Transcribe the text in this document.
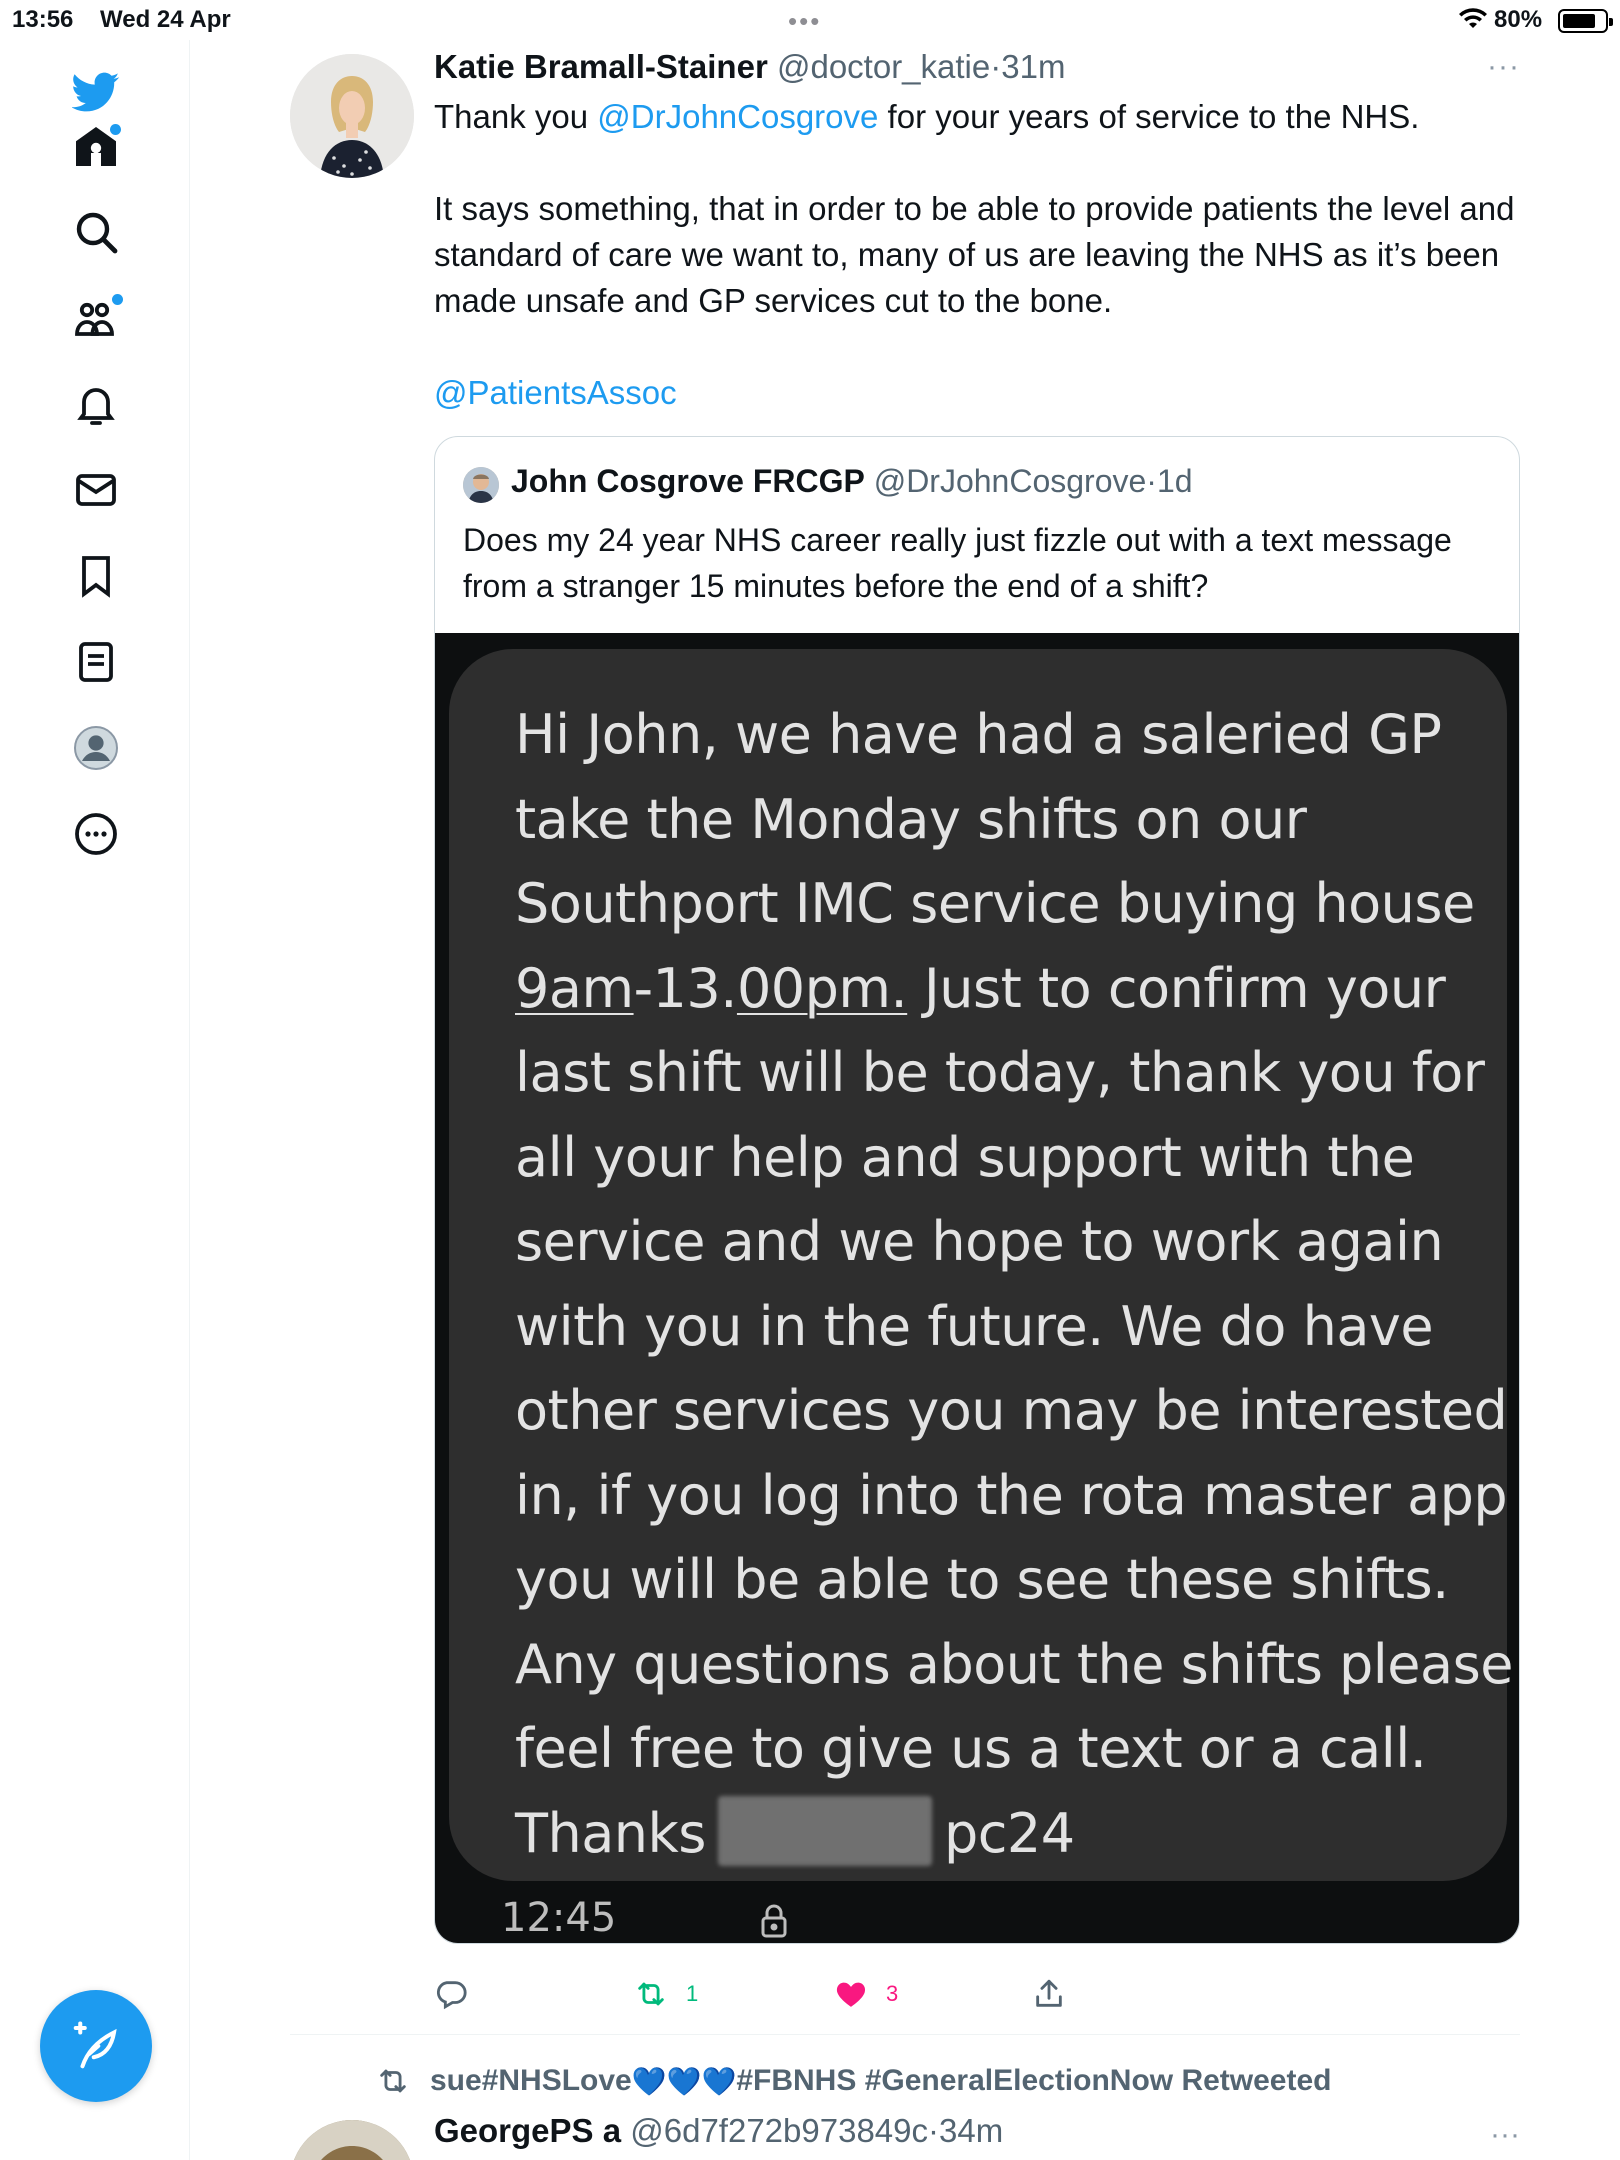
13:56 Wed 24 Apr	•••	80%
Katie Bramall-Stainer @doctor_katie·31m	···

Thank you @DrJohnCosgrove for your years of service to the NHS.

It says something, that in order to be able to provide patients the level and standard of care we want to, many of us are leaving the NHS as it’s been made unsafe and GP services cut to the bone.

@PatientsAssoc

John Cosgrove FRCGP @DrJohnCosgrove·1d
Does my 24 year NHS career really just fizzle out with a text message from a stranger 15 minutes before the end of a shift?
Hi John, we have had a saleried GP
take the Monday shifts on our
Southport IMC service buying house
9am-13.00pm. Just to confirm your
last shift will be today, thank you for
all your help and support with the
service and we hope to work again
with you in the future. We do have
other services you may be interested
in, if you log into the rota master app
you will be able to see these shifts.
Any questions about the shifts please
feel free to give us a text or a call.
Thanks	pc24
12:45
1	3
sue#NHSLove 💙💙💙 #FBNHS #GeneralElectionNow Retweeted
GeorgePS a @6d7f272b973849c·34m	···
